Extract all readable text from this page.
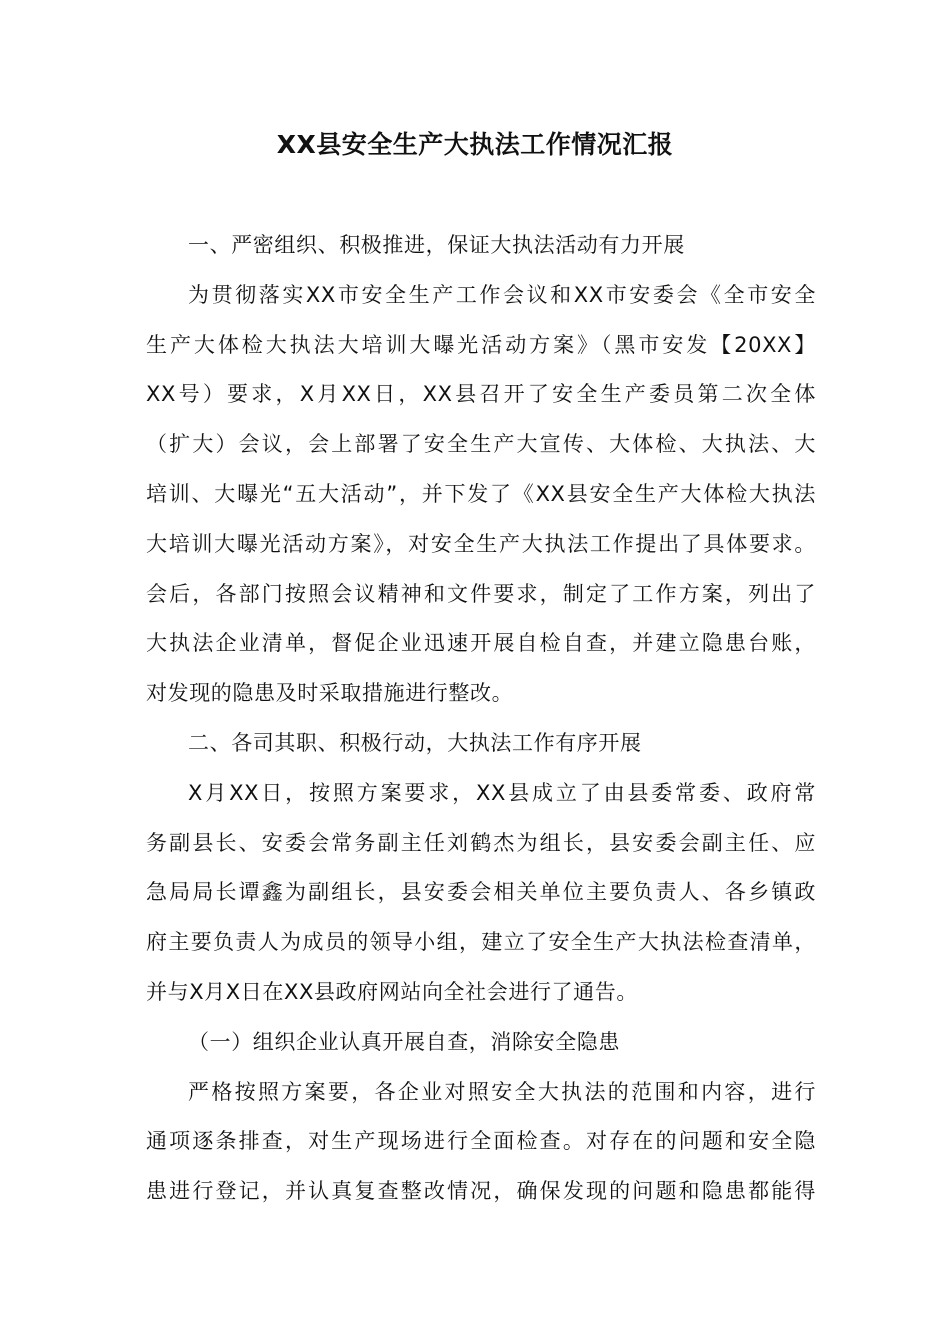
XX县安全生产大执法工作情况汇报
一、严密组织、积极推进，保证大执法活动有力开展
为贯彻落实XX市安全生产工作会议和XX市安委会《全市安全
生产大体检大执法大培训大曝光活动方案》（黑市安发【20XX】
XX号）要求，X月XX日，XX县召开了安全生产委员第二次全体
（扩大）会议，会上部署了安全生产大宣传、大体检、大执法、大
培训、大曝光“五大活动”，并下发了《XX县安全生产大体检大执法
大培训大曝光活动方案》，对安全生产大执法工作提出了具体要求。
会后，各部门按照会议精神和文件要求，制定了工作方案，列出了
大执法企业清单，督促企业迅速开展自检自查，并建立隐患台账，
对发现的隐患及时采取措施进行整改。
二、各司其职、积极行动，大执法工作有序开展
X月XX日，按照方案要求，XX县成立了由县委常委、政府常
务副县长、安委会常务副主任刘鹤杰为组长，县安委会副主任、应
急局局长谭鑫为副组长，县安委会相关单位主要负责人、各乡镇政
府主要负责人为成员的领导小组，建立了安全生产大执法检查清单，
并与X月X日在XX县政府网站向全社会进行了通告。
（一）组织企业认真开展自查，消除安全隐患
严格按照方案要，各企业对照安全大执法的范围和内容，进行
通项逐条排查，对生产现场进行全面检查。对存在的问题和安全隐
患进行登记，并认真复查整改情况，确保发现的问题和隐患都能得
